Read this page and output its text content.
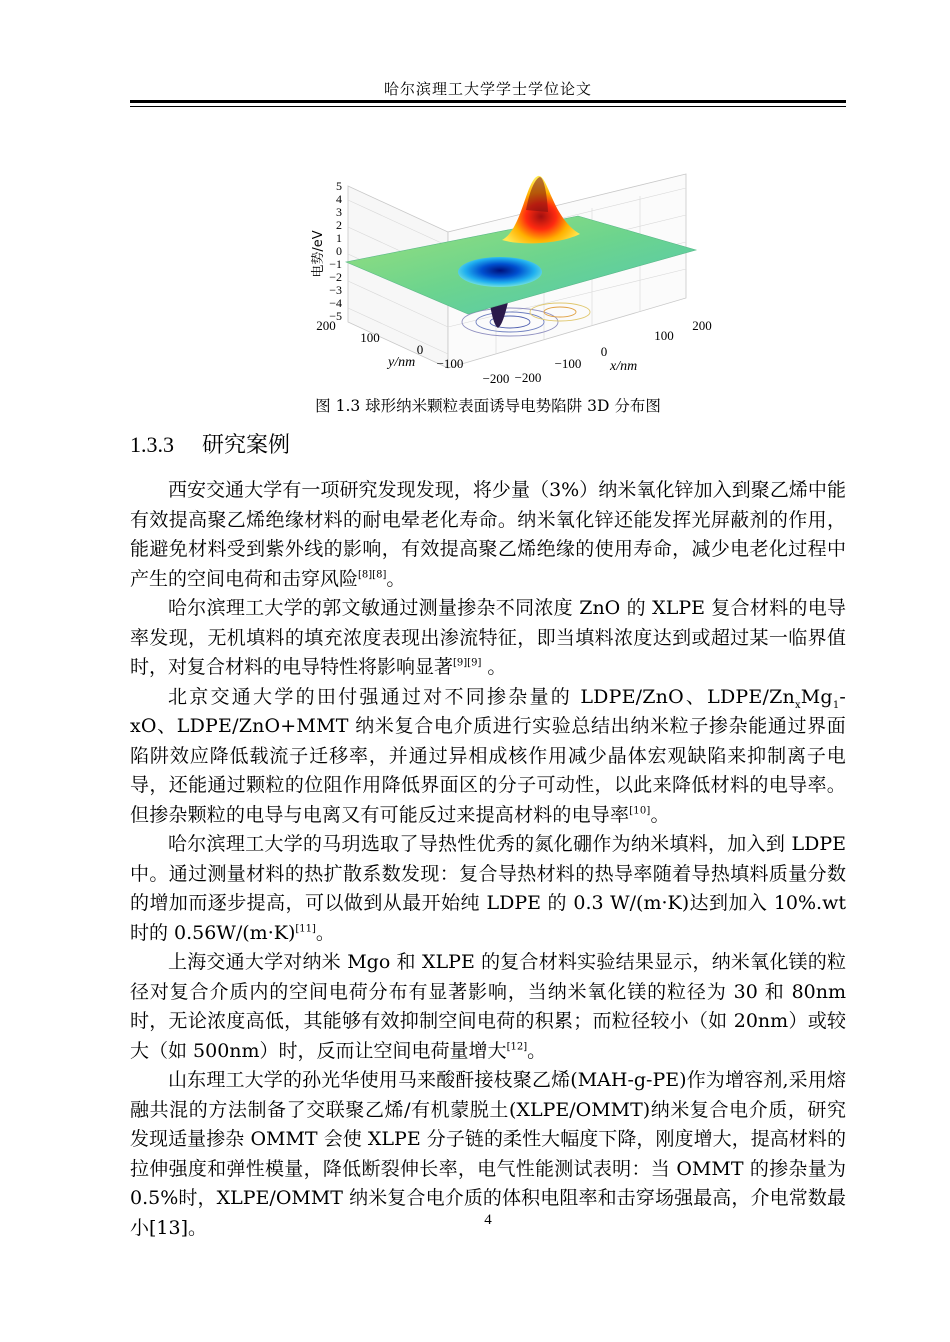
哈尔滨理工大学学士学位论文
5
4
3
2
1
0
−1
−2
−3
−4
−5
电势/eV
200
100
0
−100
−200
y/nm
−200
−100
0
100
200
x/nm
图 1.3 球形纳米颗粒表面诱导电势陷阱 3D 分布图
1.3.3 研究案例

西安交通大学有一项研究发现发现，将少量（3%）纳米氧化锌加入到聚乙烯中能有效提高聚乙烯绝缘材料的耐电晕老化寿命。纳米氧化锌还能发挥光屏蔽剂的作用，能避免材料受到紫外线的影响，有效提高聚乙烯绝缘的使用寿命，减少电老化过程中产生的空间电荷和击穿风险[8][8]。

哈尔滨理工大学的郭文敏通过测量掺杂不同浓度 ZnO 的 XLPE 复合材料的电导率发现，无机填料的填充浓度表现出渗流特征，即当填料浓度达到或超过某一临界值时，对复合材料的电导特性将影响显著[9][9] 。

北京交通大学的田付强通过对不同掺杂量的 LDPE/ZnO、LDPE/$Zn_xMg_1-xO$、LDPE/ZnO+MMT 纳米复合电介质进行实验总结出纳米粒子掺杂能通过界面陷阱效应降低载流子迁移率，并通过异相成核作用减少晶体宏观缺陷来抑制离子电导，还能通过颗粒的位阻作用降低界面区的分子可动性，以此来降低材料的电导率。但掺杂颗粒的电导与电离又有可能反过来提高材料的电导率[10]。

哈尔滨理工大学的马玥选取了导热性优秀的氮化硼作为纳米填料，加入到 LDPE 中。通过测量材料的热扩散系数发现：复合导热材料的热导率随着导热填料质量分数的增加而逐步提高，可以做到从最开始纯 LDPE 的 0.3 W/(m·K)达到加入 10%.wt 时的 0.56W/(m·K)[11]。

上海交通大学对纳米 Mgo 和 XLPE 的复合材料实验结果显示，纳米氧化镁的粒径对复合介质内的空间电荷分布有显著影响，当纳米氧化镁的粒径为 30 和 80nm 时，无论浓度高低，其能够有效抑制空间电荷的积累；而粒径较小（如 20nm）或较大（如 500nm）时，反而让空间电荷量增大[12]。

山东理工大学的孙光华使用马来酸酐接枝聚乙烯(MAH-g-PE)作为增容剂,采用熔融共混的方法制备了交联聚乙烯/有机蒙脱土(XLPE/OMMT)纳米复合电介质，研究发现适量掺杂 OMMT 会使 XLPE 分子链的柔性大幅度下降，刚度增大，提高材料的拉伸强度和弹性模量，降低断裂伸长率，电气性能测试表明：当 OMMT 的掺杂量为 0.5%时，XLPE/OMMT 纳米复合电介质的体积电阻率和击穿场强最高，介电常数最小[13]。	4
